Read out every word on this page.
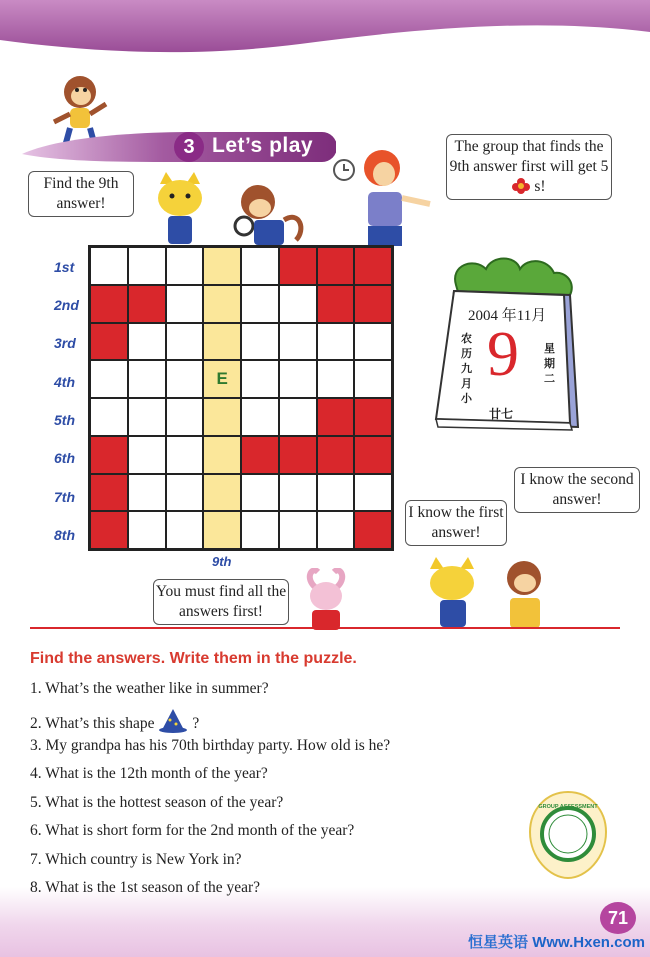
3 Let’s play
Find the 9th answer!
The group that finds the 9th answer first will get 5  s!
I know the second answer!
I know the first answer!
You must find all the answers first!
1st
2nd
3rd
4th
5th
6th
7th
8th
E
9th
2004 年11月
9
农历九月小
星期二
廿七
Find the answers. Write them in the puzzle.
1. What’s the weather like in summer?
2. What’s this shape ?
3. My grandpa has his 70th birthday party. How old is he?
4. What is the 12th month of the year?
5. What is the hottest season of the year?
6. What is short form for the 2nd month of the year?
7. Which country is New York in?
8. What is the 1st season of the year?
GROUP ASSESSMENT
71
恒星英语 Www.Hxen.com
